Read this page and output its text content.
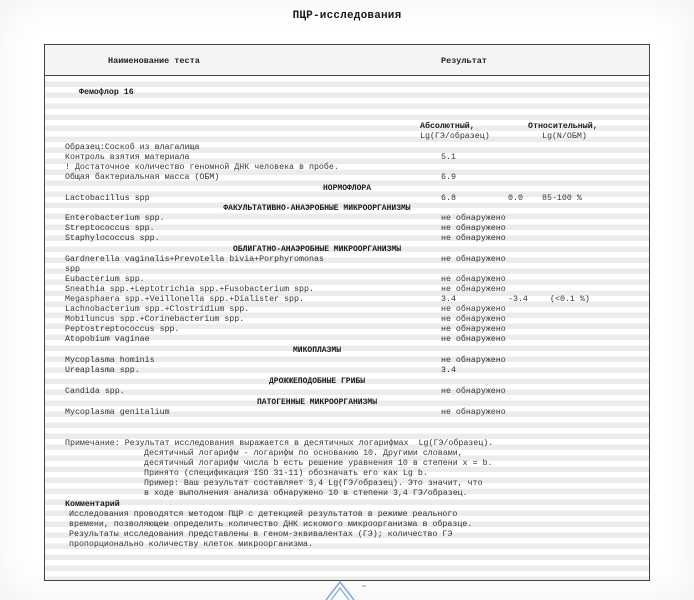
ПЦР-исследования
Наименование теста	Результат
Фемофлор 16
Абсолютный,	Относительный,
Lg(ГЭ/образец)	Lg(N/ОБМ)
Образец:Соскоб из влагалища
Контроль взятия материала	5.1
! Достаточное количество геномной ДНК человека в пробе.
Общая бактериальная масса (ОБМ)	6.9
НОРМОФЛОРА
Lactobacillus spp	6.8	0.0 85-100 %
ФАКУЛЬТАТИВНО-АНАЭРОБНЫЕ МИКРООРГАНИЗМЫ
Enterobacterium spp.	не обнаружено
Streptococcus spp.	не обнаружено
Staphylococcus spp.	не обнаружено
ОБЛИГАТНО-АНАЭРОБНЫЕ МИКРООРГАНИЗМЫ
Gardnerella vaginalis+Prevotella bivia+Porphyromonas	не обнаружено
spp
Eubacterium spp.	не обнаружено
Sneathia spp.+Leptotrichia spp.+Fusobacterium spp.	не обнаружено
Megasphaera spp.+Veillonella spp.+Dialister spp.	3.4	-3.4	(<0.1 %)
Lachnobacterium spp.+Clostridium spp.	не обнаружено
Mobiluncus spp.+Corinebacterium spp.	не обнаружено
Peptostreptococcus spp.	не обнаружено
Atopobium vaginae	не обнаружено
МИКОПЛАЗМЫ
Mycoplasma hominis	не обнаружено
Ureaplasma spp.	3.4
ДРОЖЖЕПОДОБНЫЕ ГРИБЫ
Candida spp.	не обнаружено
ПАТОГЕННЫЕ МИКРООРГАНИЗМЫ
Mycoplasma genitalium	не обнаружено
Примечание: Результат исследования выражается в десятичных логарифмах  Lg(ГЭ/образец).
Десятичный логарифм - логарифм по основанию 10. Другими словами,
десятичный логарифм числа b есть решение уравнения 10 в степени x = b.
Принято (спецификация ISO 31-11) обозначать его как Lg b.
Пример: Ваш результат составляет 3,4 Lg(ГЭ/образец). Это значит, что
в ходе выполнения анализа обнаружено 10 в степени 3,4 ГЭ/образец.
Комментарий
Исследования проводятся методом ПЦР с детекцией результатов в режиме реального
времени, позволяющем определить количество ДНК искомого микроорганизма в образце.
Результаты исследования представлены в геном-эквивалентах (ГЭ); количество ГЭ
пропорционально количеству клеток микроорганизма.
